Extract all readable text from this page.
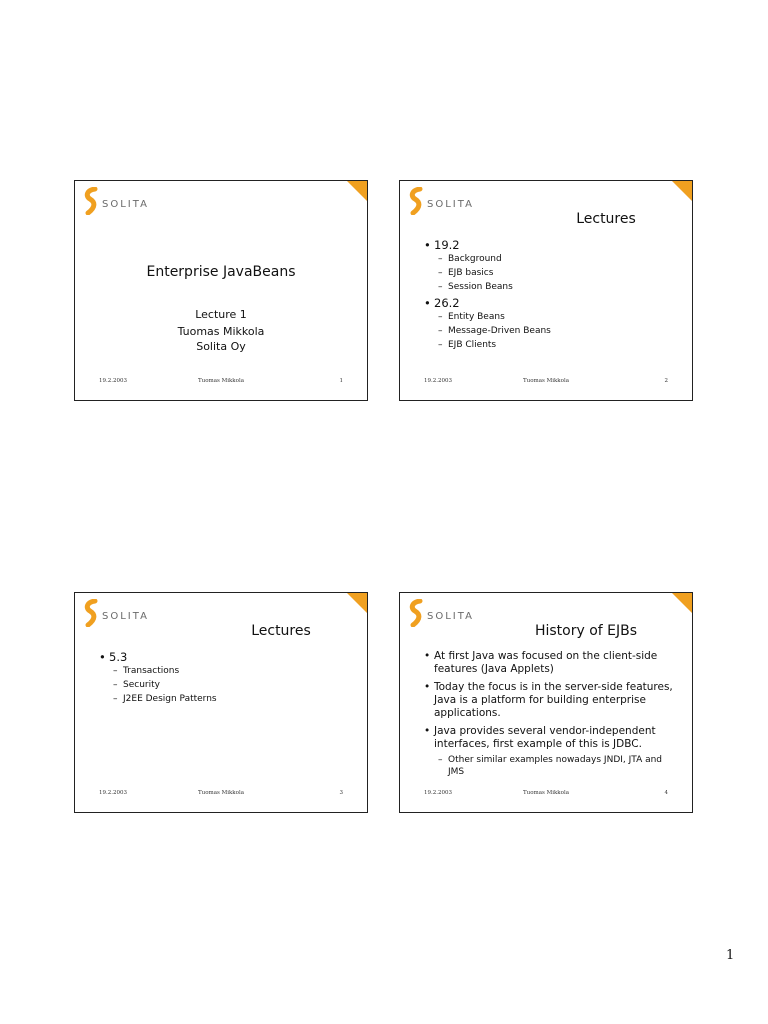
SOLITA
Enterprise JavaBeans
Lecture 1
Tuomas Mikkola
Solita Oy
19.2.2003	Tuomas Mikkola	1
SOLITA
Lectures
• 19.2
– Background
– EJB basics
– Session Beans
• 26.2
– Entity Beans
– Message-Driven Beans
– EJB Clients
19.2.2003	Tuomas Mikkola	2
SOLITA
Lectures
• 5.3
– Transactions
– Security
– J2EE Design Patterns
19.2.2003	Tuomas Mikkola	3
SOLITA
History of EJBs
• At first Java was focused on the client-side features (Java Applets)
• Today the focus is in the server-side features, Java is a platform for building enterprise applications.
• Java provides several vendor-independent interfaces, first example of this is JDBC.
– Other similar examples nowadays JNDI, JTA and JMS
19.2.2003	Tuomas Mikkola	4
1
